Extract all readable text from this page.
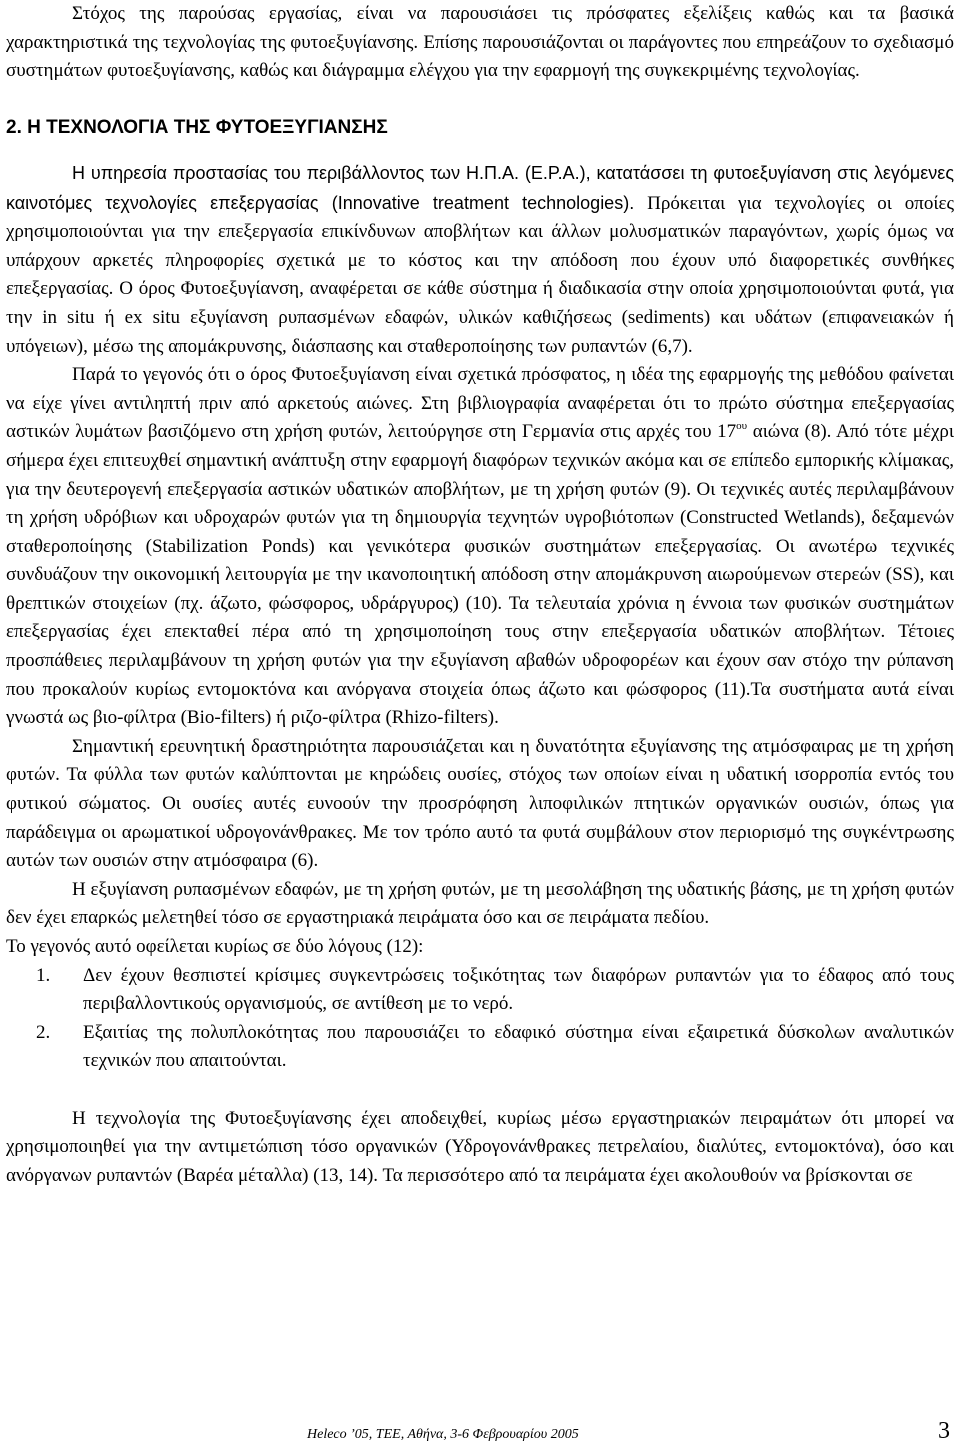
Στόχος της παρούσας εργασίας, είναι να παρουσιάσει τις πρόσφατες εξελίξεις καθώς και τα βασικά χαρακτηριστικά της τεχνολογίας της φυτοεξυγίανσης. Επίσης παρουσιάζονται οι παράγοντες που επηρεάζουν το σχεδιασμό συστημάτων φυτοεξυγίανσης, καθώς και διάγραμμα ελέγχου για την εφαρμογή της συγκεκριμένης τεχνολογίας.

2. Η ΤΕΧΝΟΛΟΓΙΑ ΤΗΣ ΦΥΤΟΕΞΥΓΙΑΝΣΗΣ

Η υπηρεσία προστασίας του περιβάλλοντος των Η.Π.Α. (Ε.Ρ.Α.), κατατάσσει τη φυτοεξυγίανση στις λεγόμενες καινοτόμες τεχνολογίες επεξεργασίας (Innovative treatment technologies). Πρόκειται για τεχνολογίες οι οποίες χρησιμοποιούνται για την επεξεργασία επικίνδυνων αποβλήτων και άλλων μολυσματικών παραγόντων, χωρίς όμως να υπάρχουν αρκετές πληροφορίες σχετικά με το κόστος και την απόδοση που έχουν υπό διαφορετικές συνθήκες επεξεργασίας. Ο όρος Φυτοεξυγίανση, αναφέρεται σε κάθε σύστημα ή διαδικασία στην οποία χρησιμοποιούνται φυτά, για την in situ ή ex situ εξυγίανση ρυπασμένων εδαφών, υλικών καθιζήσεως (sediments) και υδάτων (επιφανειακών ή υπόγειων), μέσω της απομάκρυνσης, διάσπασης και σταθεροποίησης των ρυπαντών (6,7).

Παρά το γεγονός ότι ο όρος Φυτοεξυγίανση είναι σχετικά πρόσφατος, η ιδέα της εφαρμογής της μεθόδου φαίνεται να είχε γίνει αντιληπτή πριν από αρκετούς αιώνες. Στη βιβλιογραφία αναφέρεται ότι το πρώτο σύστημα επεξεργασίας αστικών λυμάτων βασιζόμενο στη χρήση φυτών, λειτούργησε στη Γερμανία στις αρχές του $17^{o\upsilon}$ αιώνα (8). Από τότε μέχρι σήμερα έχει επιτευχθεί σημαντική ανάπτυξη στην εφαρμογή διαφόρων τεχνικών ακόμα και σε επίπεδο εμπορικής κλίμακας, για την δευτερογενή επεξεργασία αστικών υδατικών αποβλήτων, με τη χρήση φυτών (9). Οι τεχνικές αυτές περιλαμβάνουν τη χρήση υδρόβιων και υδροχαρών φυτών για τη δημιουργία τεχνητών υγροβιότοπων (Constructed Wetlands), δεξαμενών σταθεροποίησης (Stabilization Ponds) και γενικότερα φυσικών συστημάτων επεξεργασίας. Οι ανωτέρω τεχνικές συνδυάζουν την οικονομική λειτουργία με την ικανοποιητική απόδοση στην απομάκρυνση αιωρούμενων στερεών (SS), και θρεπτικών στοιχείων (πχ. άζωτο, φώσφορος, υδράργυρος) (10). Τα τελευταία χρόνια η έννοια των φυσικών συστημάτων επεξεργασίας έχει επεκταθεί πέρα από τη χρησιμοποίηση τους στην επεξεργασία υδατικών αποβλήτων. Τέτοιες προσπάθειες περιλαμβάνουν τη χρήση φυτών για την εξυγίανση αβαθών υδροφορέων και έχουν σαν στόχο την ρύπανση που προκαλούν κυρίως εντομοκτόνα και ανόργανα στοιχεία όπως άζωτο και φώσφορος (11).Τα συστήματα αυτά είναι γνωστά ως βιο-φίλτρα (Bio-filters) ή ριζο-φίλτρα (Rhizo-filters).

Σημαντική ερευνητική δραστηριότητα παρουσιάζεται και η δυνατότητα εξυγίανσης της ατμόσφαιρας με τη χρήση φυτών. Τα φύλλα των φυτών καλύπτονται με κηρώδεις ουσίες, στόχος των οποίων είναι η υδατική ισορροπία εντός του φυτικού σώματος. Οι ουσίες αυτές ευνοούν την προσρόφηση λιποφιλικών πτητικών οργανικών ουσιών, όπως για παράδειγμα οι αρωματικοί υδρογονάνθρακες. Με τον τρόπο αυτό τα φυτά συμβάλουν στον περιορισμό της συγκέντρωσης αυτών των ουσιών στην ατμόσφαιρα (6).

Η εξυγίανση ρυπασμένων εδαφών, με τη χρήση φυτών, με τη μεσολάβηση της υδατικής βάσης, με τη χρήση φυτών δεν έχει επαρκώς μελετηθεί τόσο σε εργαστηριακά πειράματα όσο και σε πειράματα πεδίου.

Το γεγονός αυτό οφείλεται κυρίως σε δύο λόγους (12):

1. Δεν έχουν θεσπιστεί κρίσιμες συγκεντρώσεις τοξικότητας των διαφόρων ρυπαντών για το έδαφος από τους περιβαλλοντικούς οργανισμούς, σε αντίθεση με το νερό.
2. Εξαιτίας της πολυπλοκότητας που παρουσιάζει το εδαφικό σύστημα είναι εξαιρετικά δύσκολων αναλυτικών τεχνικών που απαιτούνται.

Η τεχνολογία της Φυτοεξυγίανσης έχει αποδειχθεί, κυρίως μέσω εργαστηριακών πειραμάτων ότι μπορεί να χρησιμοποιηθεί για την αντιμετώπιση τόσο οργανικών (Υδρογονάνθρακες πετρελαίου, διαλύτες, εντομοκτόνα), όσο και ανόργανων ρυπαντών (Βαρέα μέταλλα) (13, 14). Τα περισσότερο από τα πειράματα έχει ακολουθούν να βρίσκονται σε

Heleco ’05, ΤΕΕ, Αθήνα, 3-6 Φεβρουαρίου 2005	3
